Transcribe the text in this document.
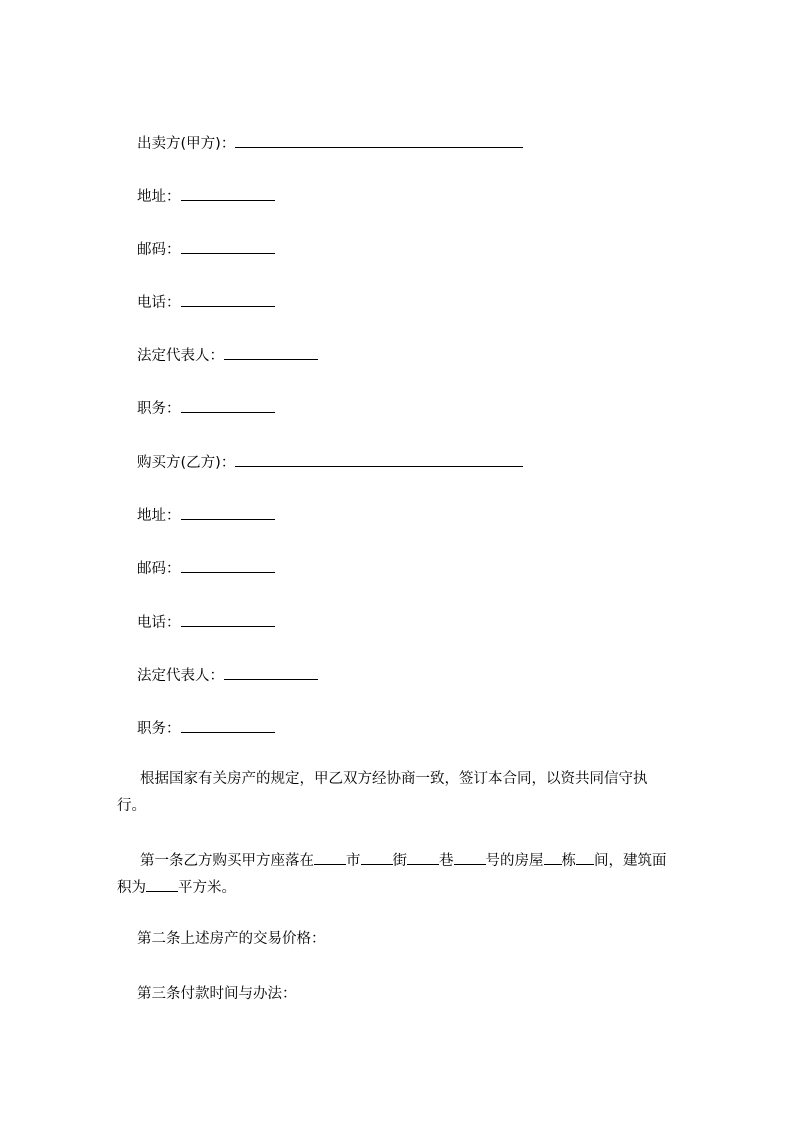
出卖方(甲方)：
地址：
邮码：
电话：
法定代表人：
职务：
购买方(乙方)：
地址：
邮码：
电话：
法定代表人：
职务：
根据国家有关房产的规定，甲乙双方经协商一致，签订本合同，以资共同信守执
行。
第一条乙方购买甲方座落在 市 街 巷 号的房屋 栋 间，建筑面
积为 平方米。
第二条上述房产的交易价格：
第三条付款时间与办法：
